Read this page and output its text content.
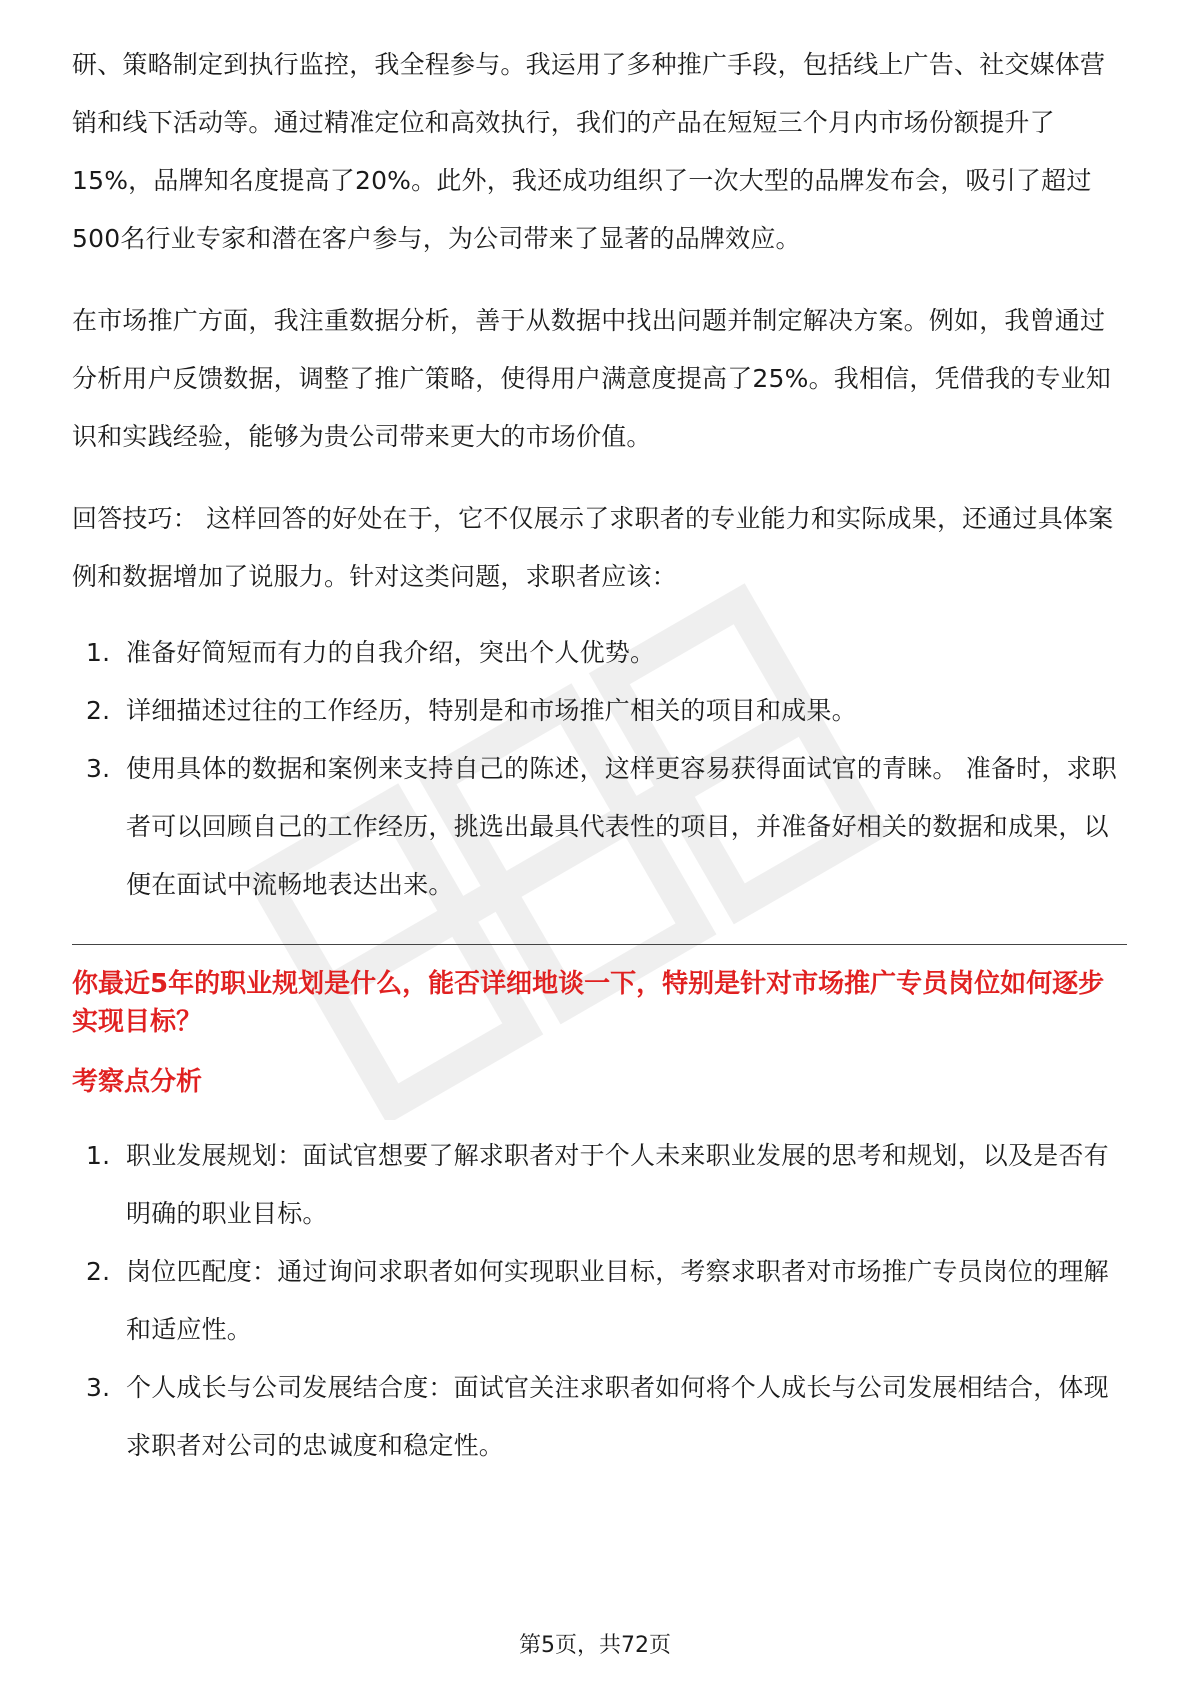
研、策略制定到执行监控，我全程参与。我运用了多种推广手段，包括线上广告、社交媒体营销和线下活动等。通过精准定位和高效执行，我们的产品在短短三个月内市场份额提升了15%，品牌知名度提高了20%。此外，我还成功组织了一次大型的品牌发布会，吸引了超过500名行业专家和潜在客户参与，为公司带来了显著的品牌效应。

在市场推广方面，我注重数据分析，善于从数据中找出问题并制定解决方案。例如，我曾通过分析用户反馈数据，调整了推广策略，使得用户满意度提高了25%。我相信，凭借我的专业知识和实践经验，能够为贵公司带来更大的市场价值。

回答技巧： 这样回答的好处在于，它不仅展示了求职者的专业能力和实际成果，还通过具体案例和数据增加了说服力。针对这类问题，求职者应该：

1. 准备好简短而有力的自我介绍，突出个人优势。
2. 详细描述过往的工作经历，特别是和市场推广相关的项目和成果。
3. 使用具体的数据和案例来支持自己的陈述，这样更容易获得面试官的青睐。 准备时，求职者可以回顾自己的工作经历，挑选出最具代表性的项目，并准备好相关的数据和成果，以便在面试中流畅地表达出来。
你最近5年的职业规划是什么，能否详细地谈一下，特别是针对市场推广专员岗位如何逐步实现目标？
考察点分析
1. 职业发展规划：面试官想要了解求职者对于个人未来职业发展的思考和规划，以及是否有明确的职业目标。
2. 岗位匹配度：通过询问求职者如何实现职业目标，考察求职者对市场推广专员岗位的理解和适应性。
3. 个人成长与公司发展结合度：面试官关注求职者如何将个人成长与公司发展相结合，体现求职者对公司的忠诚度和稳定性。
第5页，共72页
